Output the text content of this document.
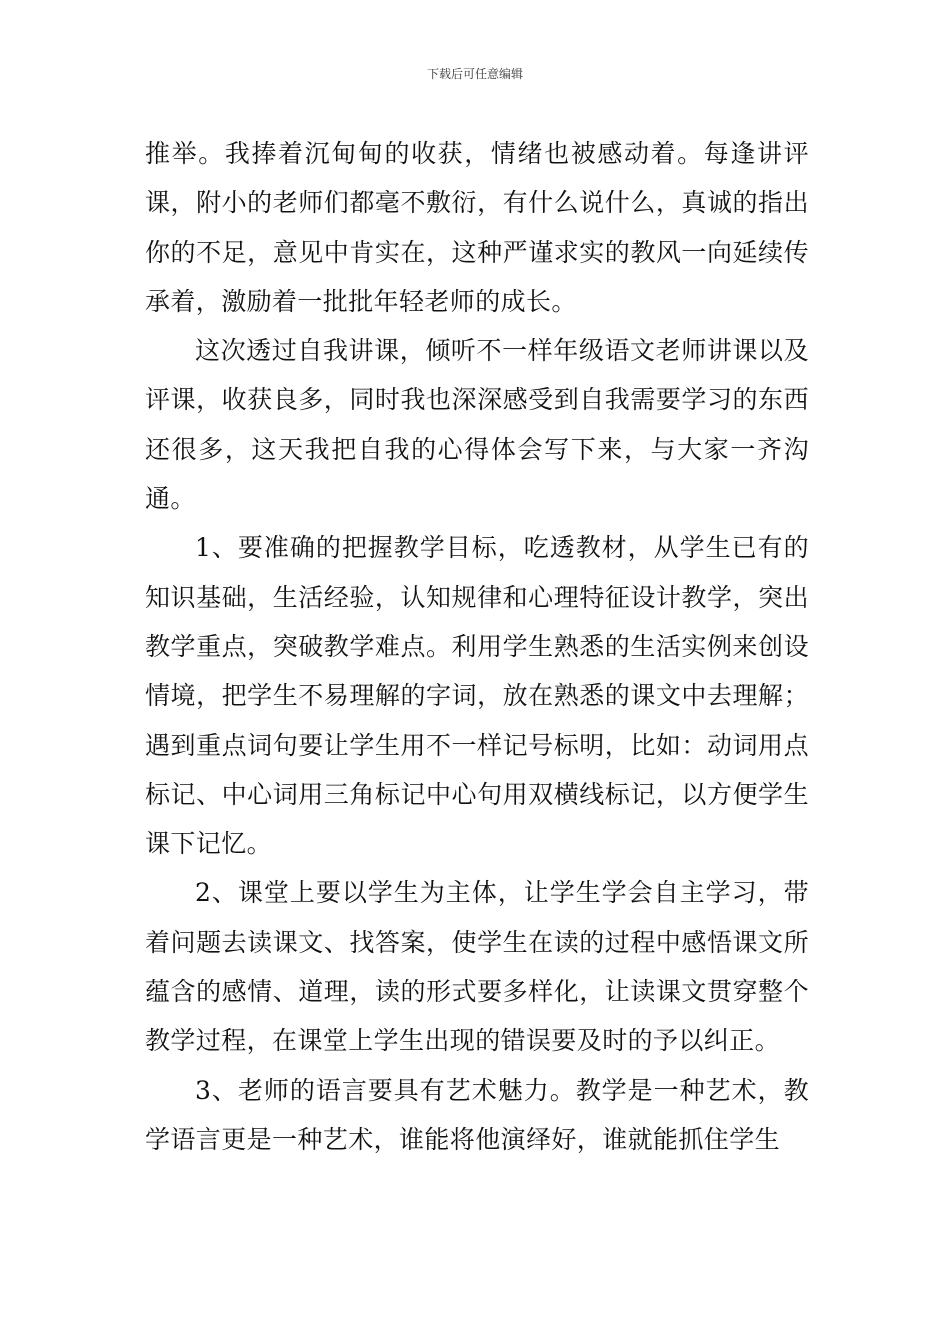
下载后可任意编辑

推举。我捧着沉甸甸的收获，情绪也被感动着。每逢讲评课，附小的老师们都毫不敷衍，有什么说什么，真诚的指出你的不足，意见中肯实在，这种严谨求实的教风一向延续传承着，激励着一批批年轻老师的成长。

这次透过自我讲课，倾听不一样年级语文老师讲课以及评课，收获良多，同时我也深深感受到自我需要学习的东西还很多，这天我把自我的心得体会写下来，与大家一齐沟通。

1、要准确的把握教学目标，吃透教材，从学生已有的知识基础，生活经验，认知规律和心理特征设计教学，突出教学重点，突破教学难点。利用学生熟悉的生活实例来创设情境，把学生不易理解的字词，放在熟悉的课文中去理解；遇到重点词句要让学生用不一样记号标明，比如：动词用点标记、中心词用三角标记中心句用双横线标记，以方便学生课下记忆。

2、课堂上要以学生为主体，让学生学会自主学习，带着问题去读课文、找答案，使学生在读的过程中感悟课文所蕴含的感情、道理，读的形式要多样化，让读课文贯穿整个教学过程，在课堂上学生出现的错误要及时的予以纠正。

3、老师的语言要具有艺术魅力。教学是一种艺术，教学语言更是一种艺术，谁能将他演绎好，谁就能抓住学生
